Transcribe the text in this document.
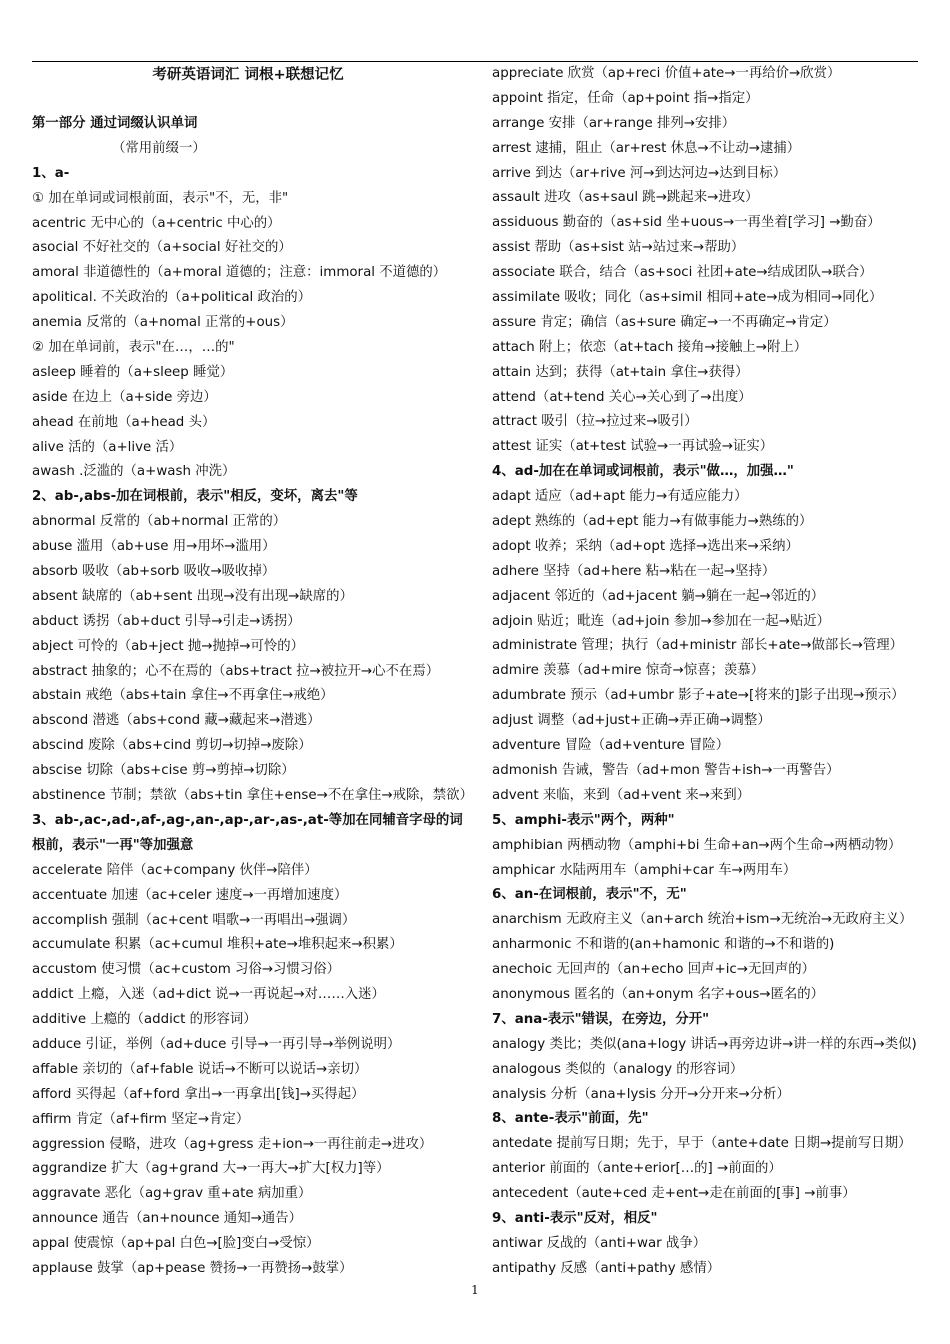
考研英语词汇 词根+联想记忆
第一部分 通过词缀认识单词
（常用前缀一）
1、a-
① 加在单词或词根前面，表示"不，无，非"
acentric 无中心的（a+centric 中心的）
asocial 不好社交的（a+social 好社交的）
amoral 非道德性的（a+moral 道德的；注意：immoral 不道德的）
apolitical. 不关政治的（a+political 政治的）
anemia 反常的（a+nomal 正常的+ous）
② 加在单词前，表示"在…，…的"
asleep 睡着的（a+sleep 睡觉）
aside 在边上（a+side 旁边）
ahead 在前地（a+head 头）
alive 活的（a+live 活）
awash .泛滥的（a+wash 冲洗）
2、ab-,abs-加在词根前，表示"相反，变坏，离去"等
abnormal 反常的（ab+normal 正常的）
abuse 滥用（ab+use 用→用坏→滥用）
absorb 吸收（ab+sorb 吸收→吸收掉）
absent 缺席的（ab+sent 出现→没有出现→缺席的）
abduct 诱拐（ab+duct 引导→引走→诱拐）
abject 可怜的（ab+ject 抛→抛掉→可怜的）
abstract 抽象的；心不在焉的（abs+tract 拉→被拉开→心不在焉）
abstain 戒绝（abs+tain 拿住→不再拿住→戒绝）
abscond 潜逃（abs+cond 藏→藏起来→潜逃）
abscind 废除（abs+cind 剪切→切掉→废除）
abscise 切除（abs+cise 剪→剪掉→切除）
abstinence 节制；禁欲（abs+tin 拿住+ense→不在拿住→戒除，禁欲）
3、ab-,ac-,ad-,af-,ag-,an-,ap-,ar-,as-,at-等加在同辅音字母的词根前，表示"一再"等加强意
accelerate 陪伴（ac+company 伙伴→陪伴）
accentuate 加速（ac+celer 速度→一再增加速度）
accomplish 强制（ac+cent 唱歌→一再唱出→强调）
accumulate 积累（ac+cumul 堆积+ate→堆积起来→积累）
accustom 使习惯（ac+custom 习俗→习惯习俗）
addict 上瘾，入迷（ad+dict 说→一再说起→对……入迷）
additive 上瘾的（addict 的形容词）
adduce 引证，举例（ad+duce 引导→一再引导→举例说明）
affable 亲切的（af+fable 说话→不断可以说话→亲切）
afford 买得起（af+ford 拿出→一再拿出[钱]→买得起）
affirm 肯定（af+firm 坚定→肯定）
aggression 侵略，进攻（ag+gress 走+ion→一再往前走→进攻）
aggrandize 扩大（ag+grand 大→一再大→扩大[权力]等）
aggravate 恶化（ag+grav 重+ate 病加重）
announce 通告（an+nounce 通知→通告）
appal 使震惊（ap+pal 白色→[脸]变白→受惊）
applause 鼓掌（ap+pease 赞扬→一再赞扬→鼓掌）
appreciate 欣赏（ap+reci 价值+ate→一再给价→欣赏）
appoint 指定，任命（ap+point 指→指定）
arrange 安排（ar+range 排列→安排）
arrest 逮捕，阻止（ar+rest 休息→不让动→逮捕）
arrive 到达（ar+rive 河→到达河边→达到目标）
assault 进攻（as+saul 跳→跳起来→进攻）
assiduous 勤奋的（as+sid 坐+uous→一再坐着[学习] →勤奋）
assist 帮助（as+sist 站→站过来→帮助）
associate 联合，结合（as+soci 社团+ate→结成团队→联合）
assimilate 吸收；同化（as+simil 相同+ate→成为相同→同化）
assure 肯定；确信（as+sure 确定→一不再确定→肯定）
attach 附上；依恋（at+tach 接角→接触上→附上）
attain 达到；获得（at+tain 拿住→获得）
attend（at+tend 关心→关心到了→出度）
attract 吸引（拉→拉过来→吸引）
attest 证实（at+test 试验→一再试验→证实）
4、ad-加在在单词或词根前，表示"做…，加强…"
adapt 适应（ad+apt 能力→有适应能力）
adept 熟练的（ad+ept 能力→有做事能力→熟练的）
adopt 收养；采纳（ad+opt 选择→选出来→采纳）
adhere 坚持（ad+here 粘→粘在一起→坚持）
adjacent 邻近的（ad+jacent 躺→躺在一起→邻近的）
adjoin 贴近；毗连（ad+join 参加→参加在一起→贴近）
administrate 管理；执行（ad+ministr 部长+ate→做部长→管理）
admire 羡慕（ad+mire 惊奇→惊喜；羡慕）
adumbrate 预示（ad+umbr 影子+ate→[将来的]影子出现→预示）
adjust 调整（ad+just+正确→弄正确→调整）
adventure 冒险（ad+venture 冒险）
admonish 告诫，警告（ad+mon 警告+ish→一再警告）
advent 来临，来到（ad+vent 来→来到）
5、amphi-表示"两个，两种"
amphibian 两栖动物（amphi+bi 生命+an→两个生命→两栖动物）
amphicar 水陆两用车（amphi+car 车→两用车）
6、an-在词根前，表示"不，无"
anarchism 无政府主义（an+arch 统治+ism→无统治→无政府主义）
anharmonic 不和谐的(an+hamonic 和谐的→不和谐的)
anechoic 无回声的（an+echo 回声+ic→无回声的）
anonymous 匿名的（an+onym 名字+ous→匿名的）
7、ana-表示"错误，在旁边，分开"
analogy 类比；类似(ana+logy 讲话→再旁边讲→讲一样的东西→类似)
analogous 类似的（analogy 的形容词）
analysis 分析（ana+lysis 分开→分开来→分析）
8、ante-表示"前面，先"
antedate 提前写日期；先于，早于（ante+date 日期→提前写日期）
anterior 前面的（ante+erior[…的] →前面的）
antecedent（aute+ced 走+ent→走在前面的[事] →前事）
9、anti-表示"反对，相反"
antiwar 反战的（anti+war 战争）
antipathy 反感（anti+pathy 感情）
1
